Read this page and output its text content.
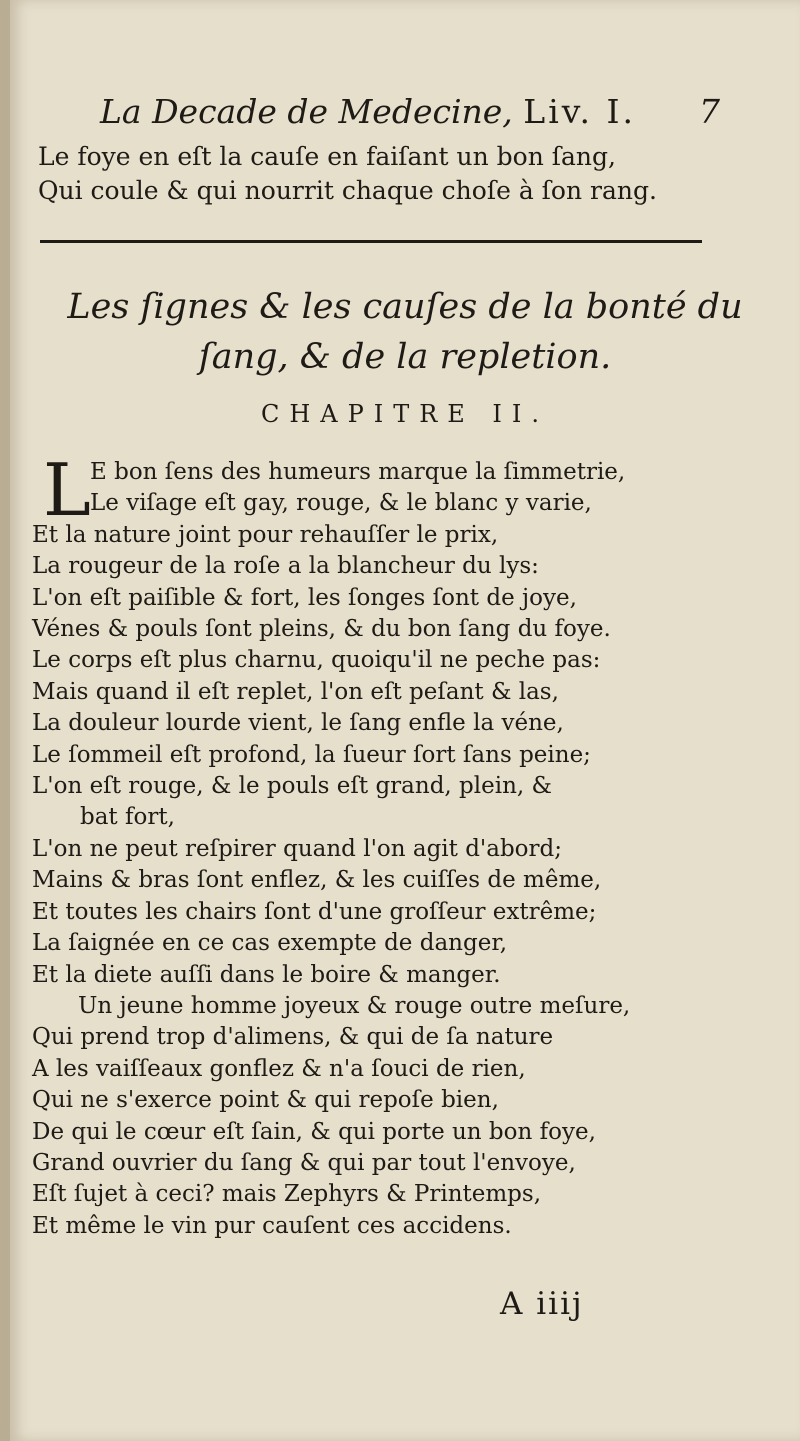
La Decade de Medecine, Liv. I. 7
Le foye en eſt la cauſe en faiſant un bon ſang,
Qui coule & qui nourrit chaque choſe à ſon rang.
Les ſignes & les cauſes de la bonté du
ſang, & de la repletion.
CHAPITRE II.
L E bon ſens des humeurs marque la ſimmetrie,
Le viſage eſt gay, rouge, & le blanc y varie,
Et la nature joint pour rehauſſer le prix,
La rougeur de la roſe a la blancheur du lys:
L'on eſt paiſible & fort, les ſonges ſont de joye,
Vénes & pouls ſont pleins, & du bon ſang du foye.
Le corps eſt plus charnu, quoiqu'il ne peche pas:
Mais quand il eſt replet, l'on eſt peſant & las,
La douleur lourde vient, le ſang enfle la véne,
Le ſommeil eſt profond, la ſueur ſort ſans peine;
L'on eſt rouge, & le pouls eſt grand, plein, &
bat fort,
L'on ne peut reſpirer quand l'on agit d'abord;
Mains & bras ſont enflez, & les cuiſſes de même,
Et toutes les chairs ſont d'une groſſeur extrême;
La ſaignée en ce cas exempte de danger,
Et la diete auſſi dans le boire & manger.
Un jeune homme joyeux & rouge outre meſure,
Qui prend trop d'alimens, & qui de ſa nature
A les vaiſſeaux gonflez & n'a ſouci de rien,
Qui ne s'exerce point & qui repoſe bien,
De qui le cœur eſt ſain, & qui porte un bon foye,
Grand ouvrier du ſang & qui par tout l'envoye,
Eſt ſujet à ceci? mais Zephyrs & Printemps,
Et même le vin pur cauſent ces accidens.
A iiij
